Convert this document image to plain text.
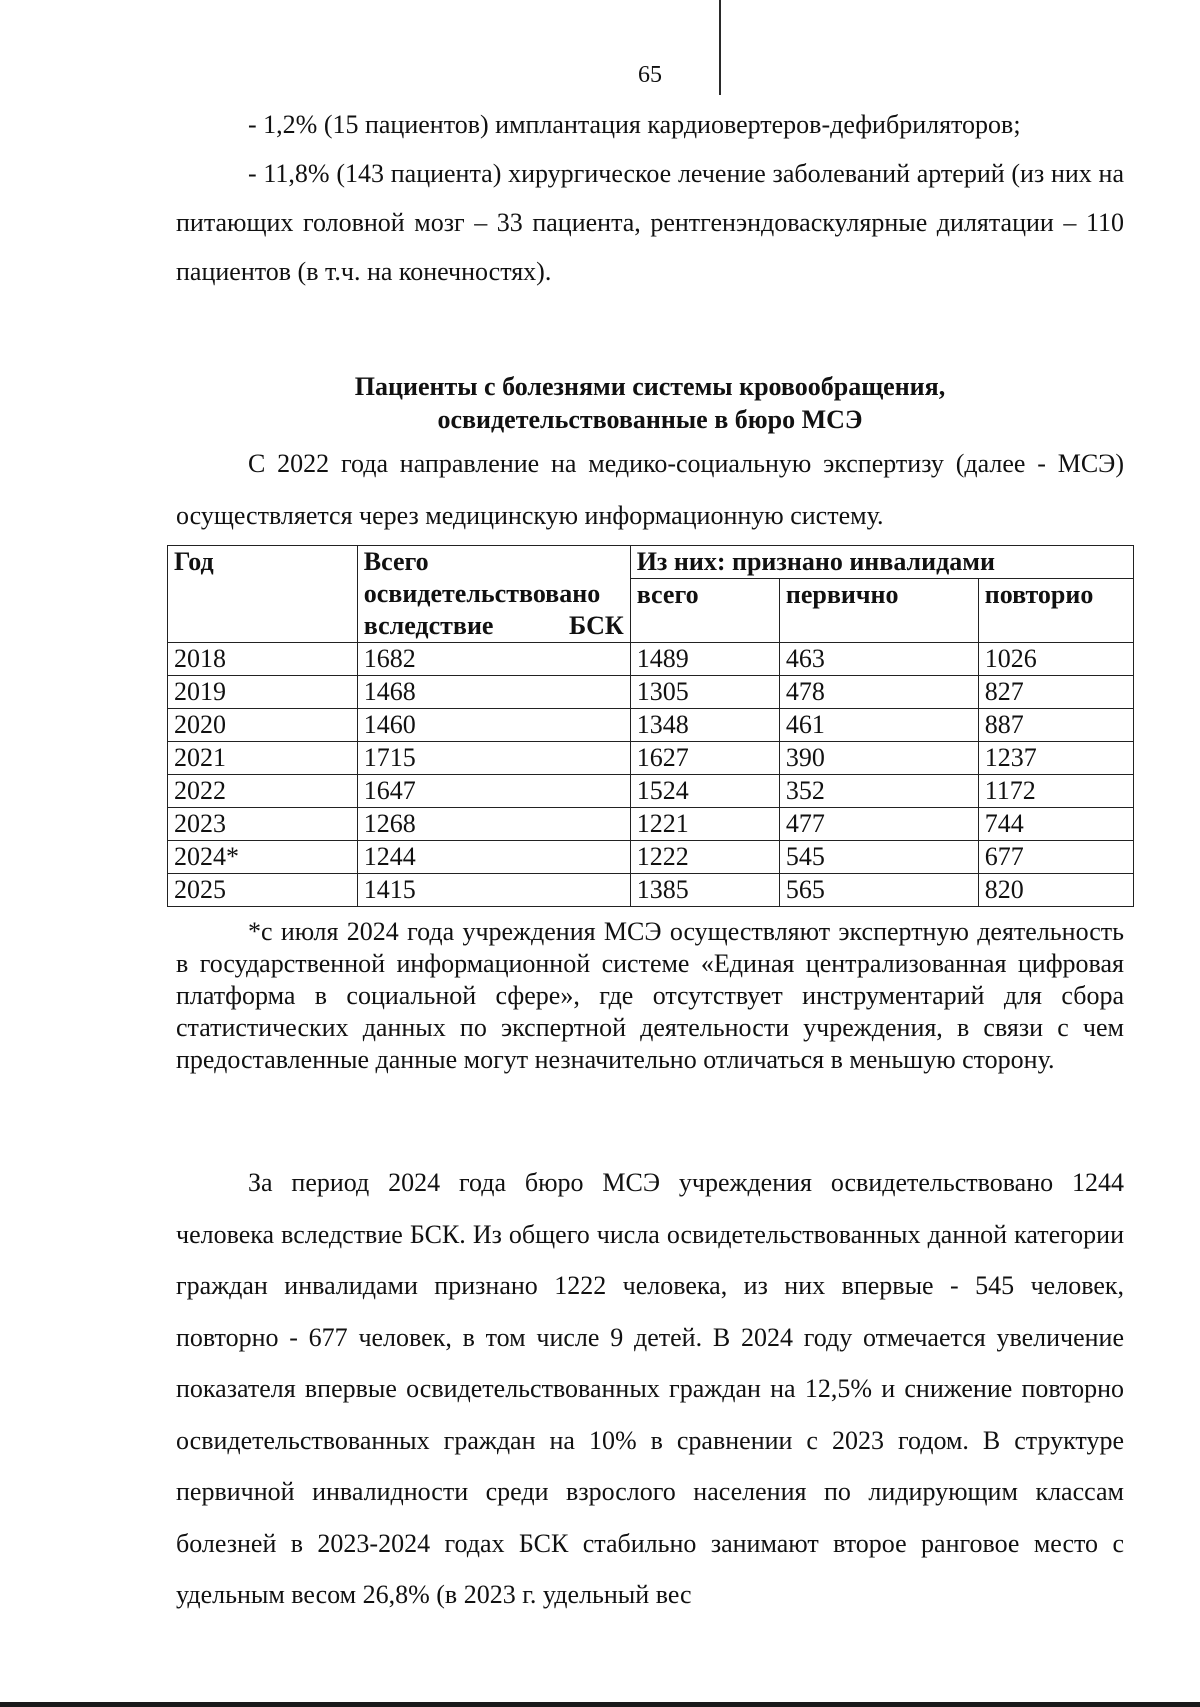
65
- 1,2% (15 пациентов) имплантация кардиовертеров-дефибриляторов;
- 11,8% (143 пациента) хирургическое лечение заболеваний артерий (из них на питающих головной мозг – 33 пациента, рентгенэндоваскулярные дилятации – 110 пациентов (в т.ч. на конечностях).
Пациенты с болезнями системы кровообращения,
освидетельствованные в бюро МСЭ
С 2022 года направление на медико-социальную экспертизу (далее - МСЭ) осуществляется через медицинскую информационную систему.
Год	Всего освидетельствовано вследствие БСК	Из них: признано инвалидами		
		всего	первично	повторио
2018	1682	1489	463	1026
2019	1468	1305	478	827
2020	1460	1348	461	887
2021	1715	1627	390	1237
2022	1647	1524	352	1172
2023	1268	1221	477	744
2024*	1244	1222	545	677
2025	1415	1385	565	820
*с июля 2024 года учреждения МСЭ осуществляют экспертную деятельность в государственной информационной системе «Единая централизованная цифровая платформа в социальной сфере», где отсутствует инструментарий для сбора статистических данных по экспертной деятельности учреждения, в связи с чем предоставленные данные могут незначительно отличаться в меньшую сторону.
За период 2024 года бюро МСЭ учреждения освидетельствовано 1244 человека вследствие БСК. Из общего числа освидетельствованных данной категории граждан инвалидами признано 1222 человека, из них впервые - 545 человек, повторно - 677 человек, в том числе 9 детей. В 2024 году отмечается увеличение показателя впервые освидетельствованных граждан на 12,5% и снижение повторно освидетельствованных граждан на 10% в сравнении с 2023 годом. В структуре первичной инвалидности среди взрослого населения по лидирующим классам болезней в 2023-2024 годах БСК стабильно занимают второе ранговое место с удельным весом 26,8% (в 2023 г. удельный вес
